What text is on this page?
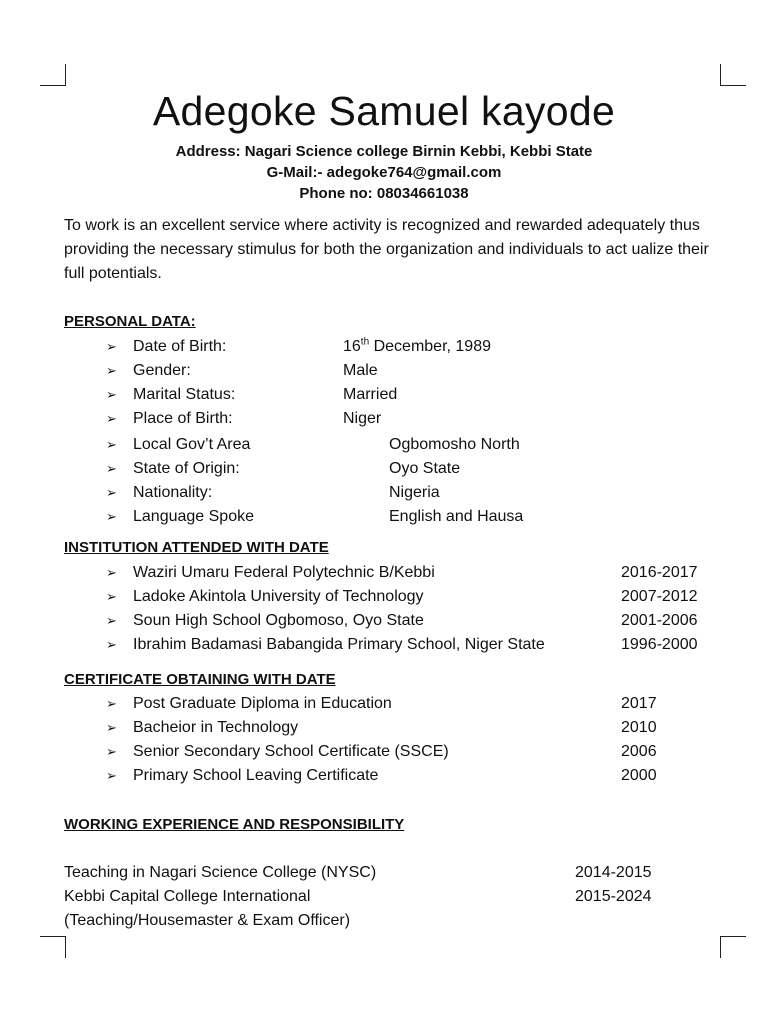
Adegoke Samuel kayode
Address: Nagari Science college Birnin Kebbi, Kebbi State
G-Mail:- adegoke764@gmail.com
Phone no: 08034661038
To work is an excellent service where activity is recognized and rewarded adequately thus providing the necessary stimulus for both the organization and individuals to act ualize their full potentials.
PERSONAL DATA:
➢ Date of Birth:	16th December, 1989
➢ Gender:	Male
➢ Marital Status:	Married
➢ Place of Birth:	Niger
➢ Local Gov’t Area	Ogbomosho North
➢ State of Origin:	Oyo State
➢ Nationality:	Nigeria
➢ Language Spoke	English and Hausa
INSTITUTION ATTENDED WITH DATE
➢ Waziri Umaru Federal Polytechnic B/Kebbi	2016-2017
➢ Ladoke Akintola University of Technology	2007-2012
➢ Soun High School Ogbomoso, Oyo State	2001-2006
➢ Ibrahim Badamasi Babangida Primary School, Niger State	1996-2000
CERTIFICATE OBTAINING WITH DATE
➢ Post Graduate Diploma in Education	2017
➢ Bacheior in Technology	2010
➢ Senior Secondary School Certificate (SSCE)	2006
➢ Primary School Leaving Certificate	2000
WORKING EXPERIENCE AND RESPONSIBILITY
Teaching in Nagari Science College (NYSC)	2014-2015
Kebbi Capital College International	2015-2024
(Teaching/Housemaster & Exam Officer)
